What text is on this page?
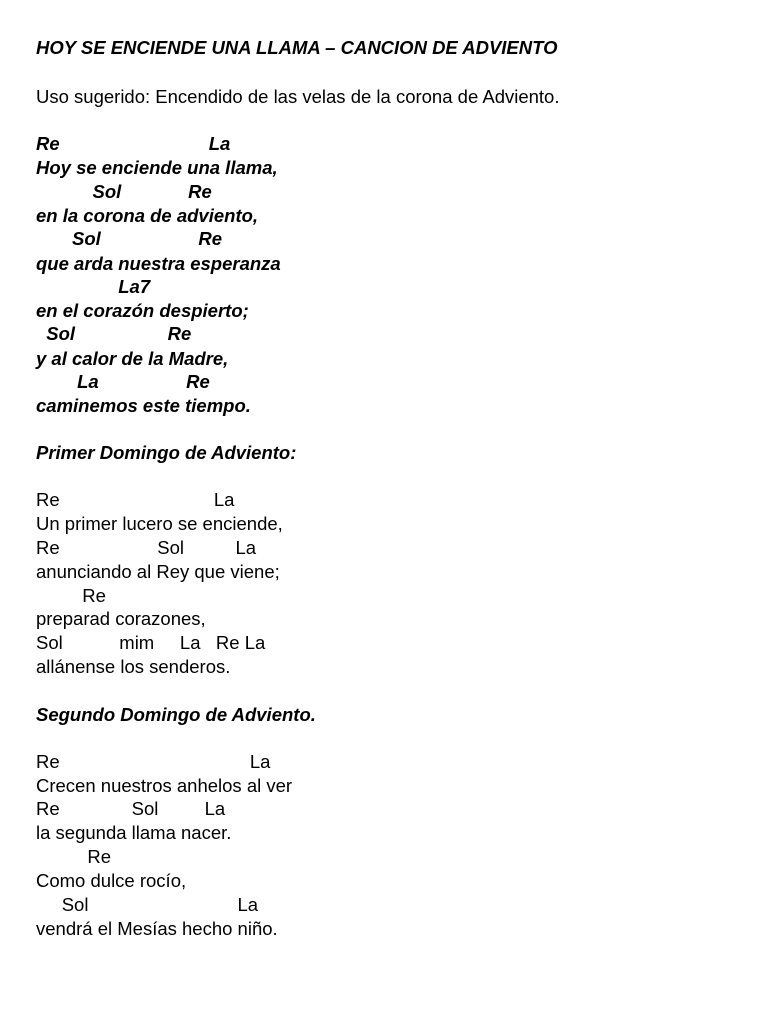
HOY SE ENCIENDE UNA LLAMA – CANCION DE ADVIENTO

Uso sugerido: Encendido de las velas de la corona de Adviento.

Re                             La

Hoy se enciende una llama,

Sol             Re

en la corona de adviento,

Sol                   Re

que arda nuestra esperanza

La7

en el corazón despierto;

Sol                  Re

y al calor de la Madre,

La                 Re

caminemos este tiempo.

Primer Domingo de Adviento:

Re                              La

Un primer lucero se enciende,

Re                   Sol          La

anunciando al Rey que viene;

Re

preparad corazones,

Sol           mim     La   Re La

allánense los senderos.

Segundo Domingo de Adviento.

Re                                     La

Crecen nuestros anhelos al ver

Re              Sol         La

la segunda llama nacer.

Re

Como dulce rocío,

Sol                             La

vendrá el Mesías hecho niño.
